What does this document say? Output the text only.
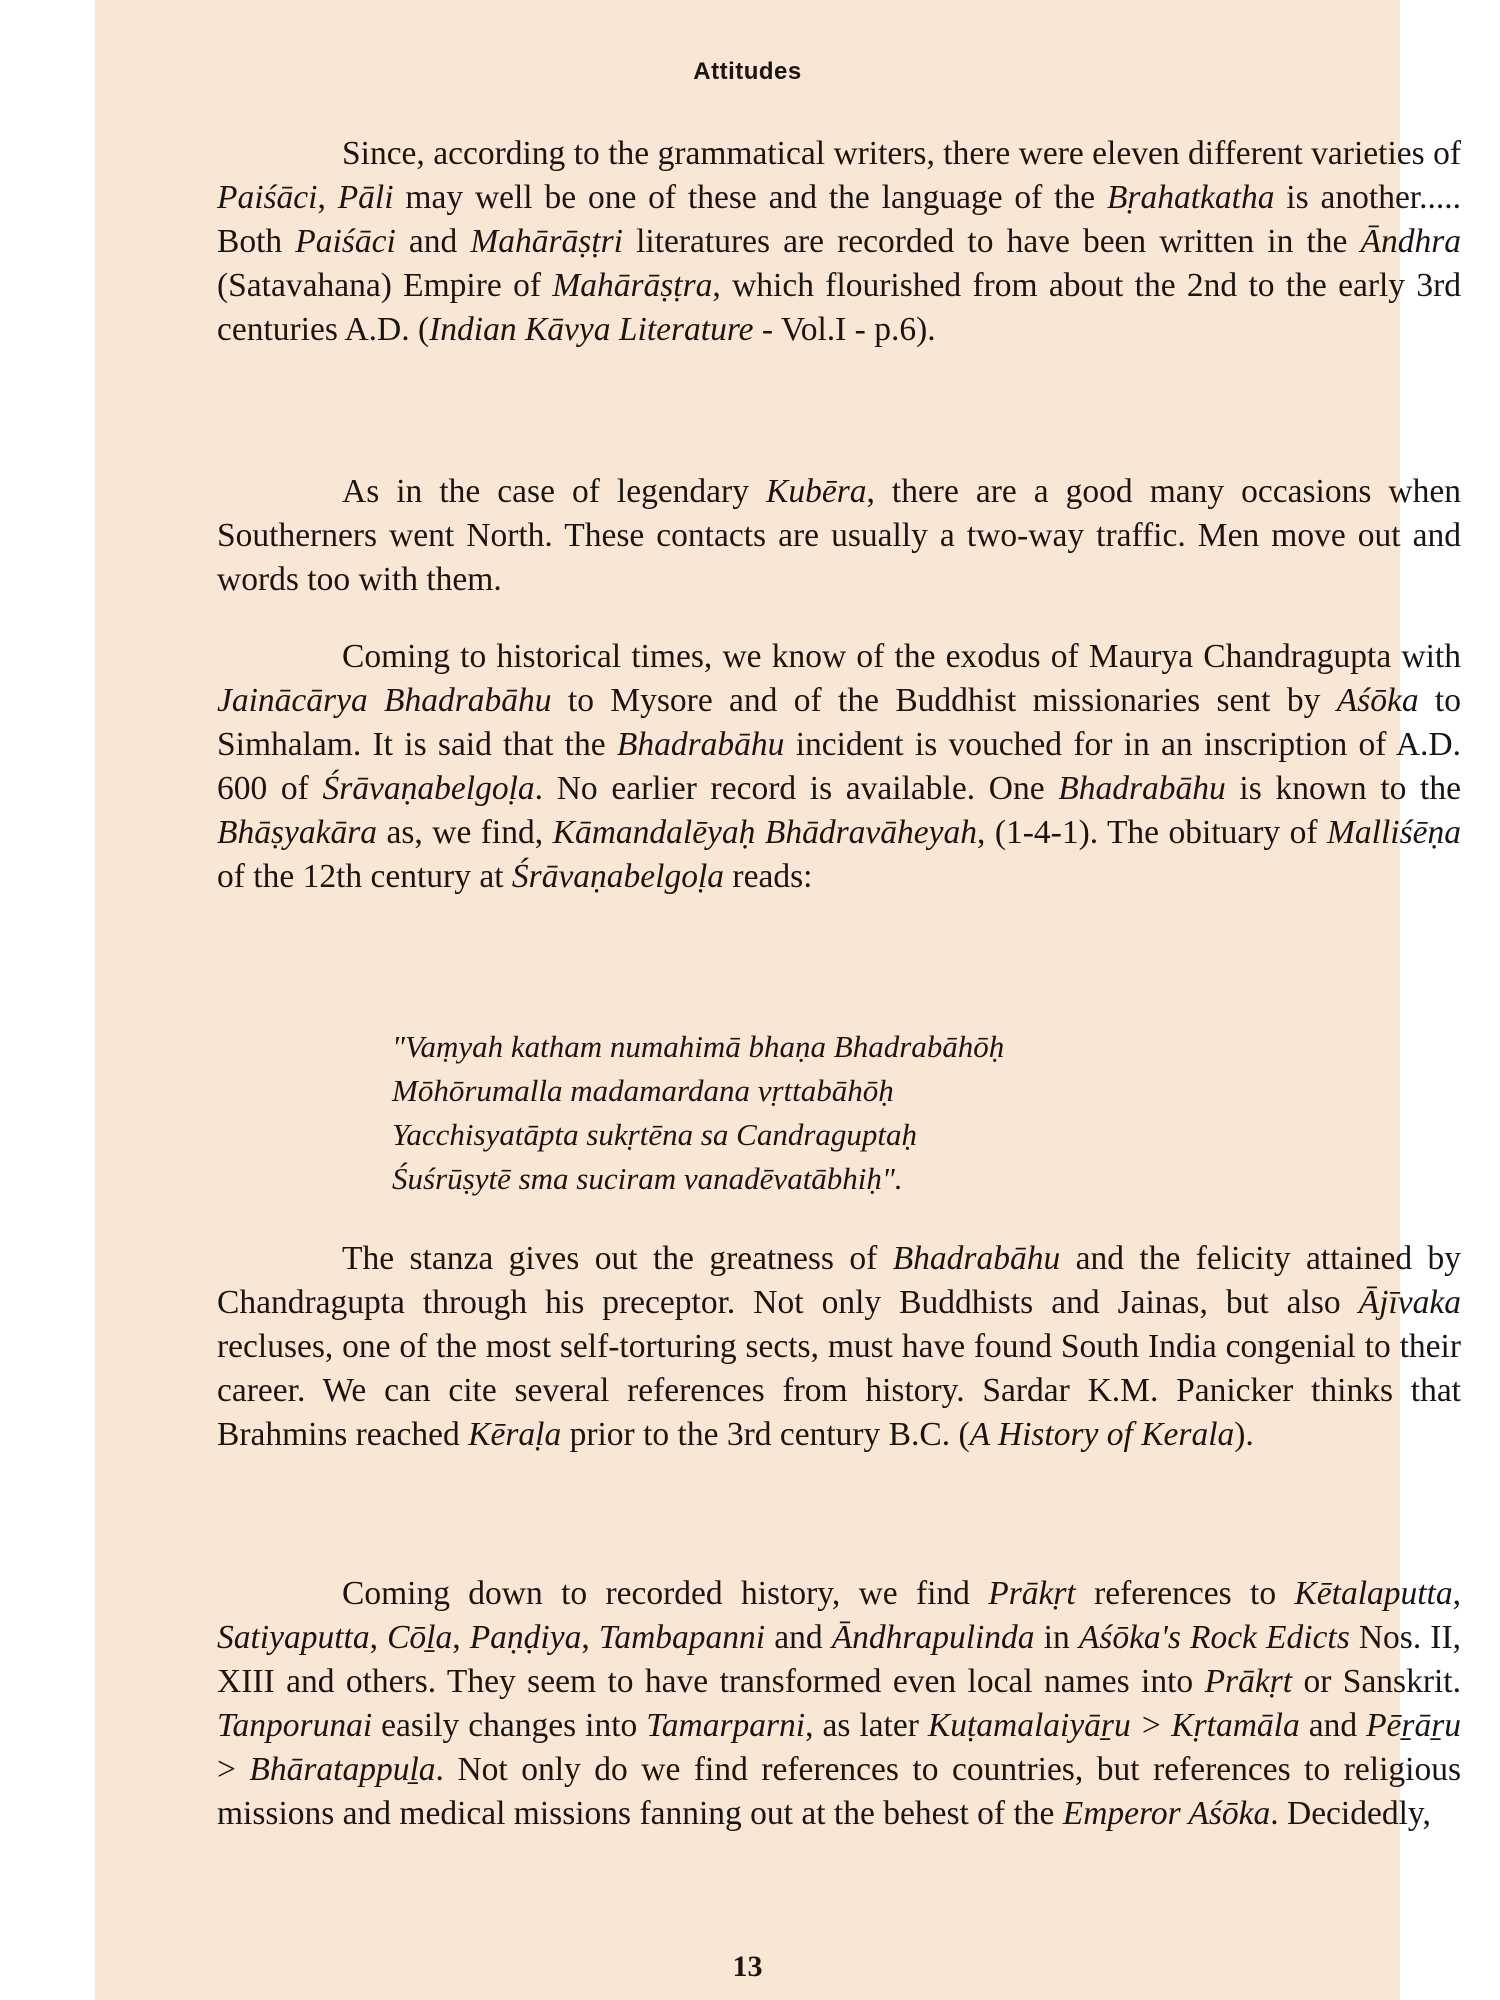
Attitudes

Since, according to the grammatical writers, there were eleven different varieties of Paiśāci, Pāli may well be one of these and the language of the Bṛahatkatha is another..... Both Paiśāci and Mahārāṣṭri literatures are recorded to have been written in the Āndhra (Satavahana) Empire of Mahārāṣṭra, which flourished from about the 2nd to the early 3rd centuries A.D. (Indian Kāvya Literature - Vol.I - p.6).

As in the case of legendary Kubēra, there are a good many occasions when Southerners went North. These contacts are usually a two-way traffic. Men move out and words too with them.

Coming to historical times, we know of the exodus of Maurya Chandragupta with Jainācārya Bhadrabāhu to Mysore and of the Buddhist missionaries sent by Aśōka to Simhalam. It is said that the Bhadrabāhu incident is vouched for in an inscription of A.D. 600 of Śrāvaṇabelgoḷa. No earlier record is available. One Bhadrabāhu is known to the Bhāṣyakāra as, we find, Kāmandalēyaḥ Bhādravāheyah, (1-4-1). The obituary of Malliśēṇa of the 12th century at Śrāvaṇabelgoḷa reads:

The stanza gives out the greatness of Bhadrabāhu and the felicity attained by Chandragupta through his preceptor. Not only Buddhists and Jainas, but also Ājīvaka recluses, one of the most self-torturing sects, must have found South India congenial to their career. We can cite several references from history. Sardar K.M. Panicker thinks that Brahmins reached Kēraḷa prior to the 3rd century B.C. (A History of Kerala).

Coming down to recorded history, we find Prākṛt references to Kētalaputta, Satiyaputta, Cōḻa, Paṇḍiya, Tambapanni and Āndhrapulinda in Aśōka's Rock Edicts Nos. II, XIII and others. They seem to have transformed even local names into Prākṛt or Sanskrit. Tanporunai easily changes into Tamarparni, as later Kuṭamalaiyāṟu > Kṛtamāla and Pēṟāṟu > Bhāratappuḻa. Not only do we find references to countries, but references to religious missions and medical missions fanning out at the behest of the Emperor Aśōka. Decidedly,

"Vaṃyah katham numahimā bhaṇa Bhadrabāhōḥ
Mōhōrumalla madamardana vṛttabāhōḥ
Yacchisyatāpta sukṛtēna sa Candraguptaḥ
Śuśrūṣytē sma suciram vanadēvatābhiḥ".
13
